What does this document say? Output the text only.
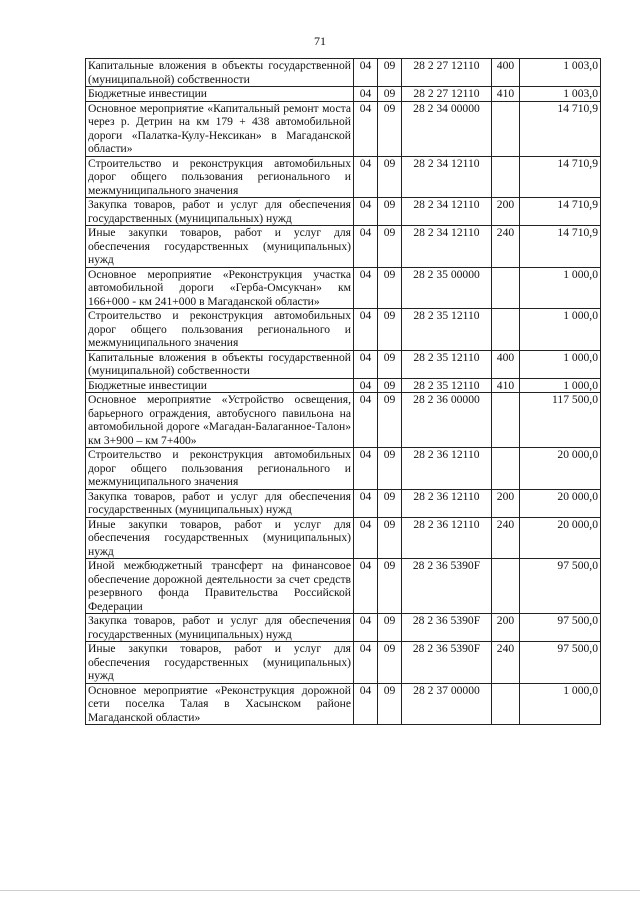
71
Капитальные вложения в объекты государственной (муниципальной) собственности	04	09	28 2 27 12110	400	1 003,0
Бюджетные инвестиции	04	09	28 2 27 12110	410	1 003,0
Основное мероприятие «Капитальный ремонт моста через р. Детрин на км 179 + 438 автомобильной дороги «Палатка-Кулу-Нексикан» в Магаданской области»	04	09	28 2 34 00000		14 710,9
Строительство и реконструкция автомобильных дорог общего пользования регионального и межмуниципального значения	04	09	28 2 34 12110		14 710,9
Закупка товаров, работ и услуг для обеспечения государственных (муниципальных) нужд	04	09	28 2 34 12110	200	14 710,9
Иные закупки товаров, работ и услуг для обеспечения государственных (муниципальных) нужд	04	09	28 2 34 12110	240	14 710,9
Основное мероприятие «Реконструкция участка автомобильной дороги «Герба-Омсукчан» км 166+000 - км 241+000 в Магаданской области»	04	09	28 2 35 00000		1 000,0
Строительство и реконструкция автомобильных дорог общего пользования регионального и межмуниципального значения	04	09	28 2 35 12110		1 000,0
Капитальные вложения в объекты государственной (муниципальной) собственности	04	09	28 2 35 12110	400	1 000,0
Бюджетные инвестиции	04	09	28 2 35 12110	410	1 000,0
Основное мероприятие «Устройство освещения, барьерного ограждения, автобусного павильона на автомобильной дороге «Магадан-Балаганное-Талон» км 3+900 – км 7+400»	04	09	28 2 36 00000		117 500,0
Строительство и реконструкция автомобильных дорог общего пользования регионального и межмуниципального значения	04	09	28 2 36 12110		20 000,0
Закупка товаров, работ и услуг для обеспечения государственных (муниципальных) нужд	04	09	28 2 36 12110	200	20 000,0
Иные закупки товаров, работ и услуг для обеспечения государственных (муниципальных) нужд	04	09	28 2 36 12110	240	20 000,0
Иной межбюджетный трансферт на финансовое обеспечение дорожной деятельности за счет средств резервного фонда Правительства Российской Федерации	04	09	28 2 36 5390F		97 500,0
Закупка товаров, работ и услуг для обеспечения государственных (муниципальных) нужд	04	09	28 2 36 5390F	200	97 500,0
Иные закупки товаров, работ и услуг для обеспечения государственных (муниципальных) нужд	04	09	28 2 36 5390F	240	97 500,0
Основное мероприятие «Реконструкция дорожной сети поселка Талая в Хасынском районе Магаданской области»	04	09	28 2 37 00000		1 000,0
